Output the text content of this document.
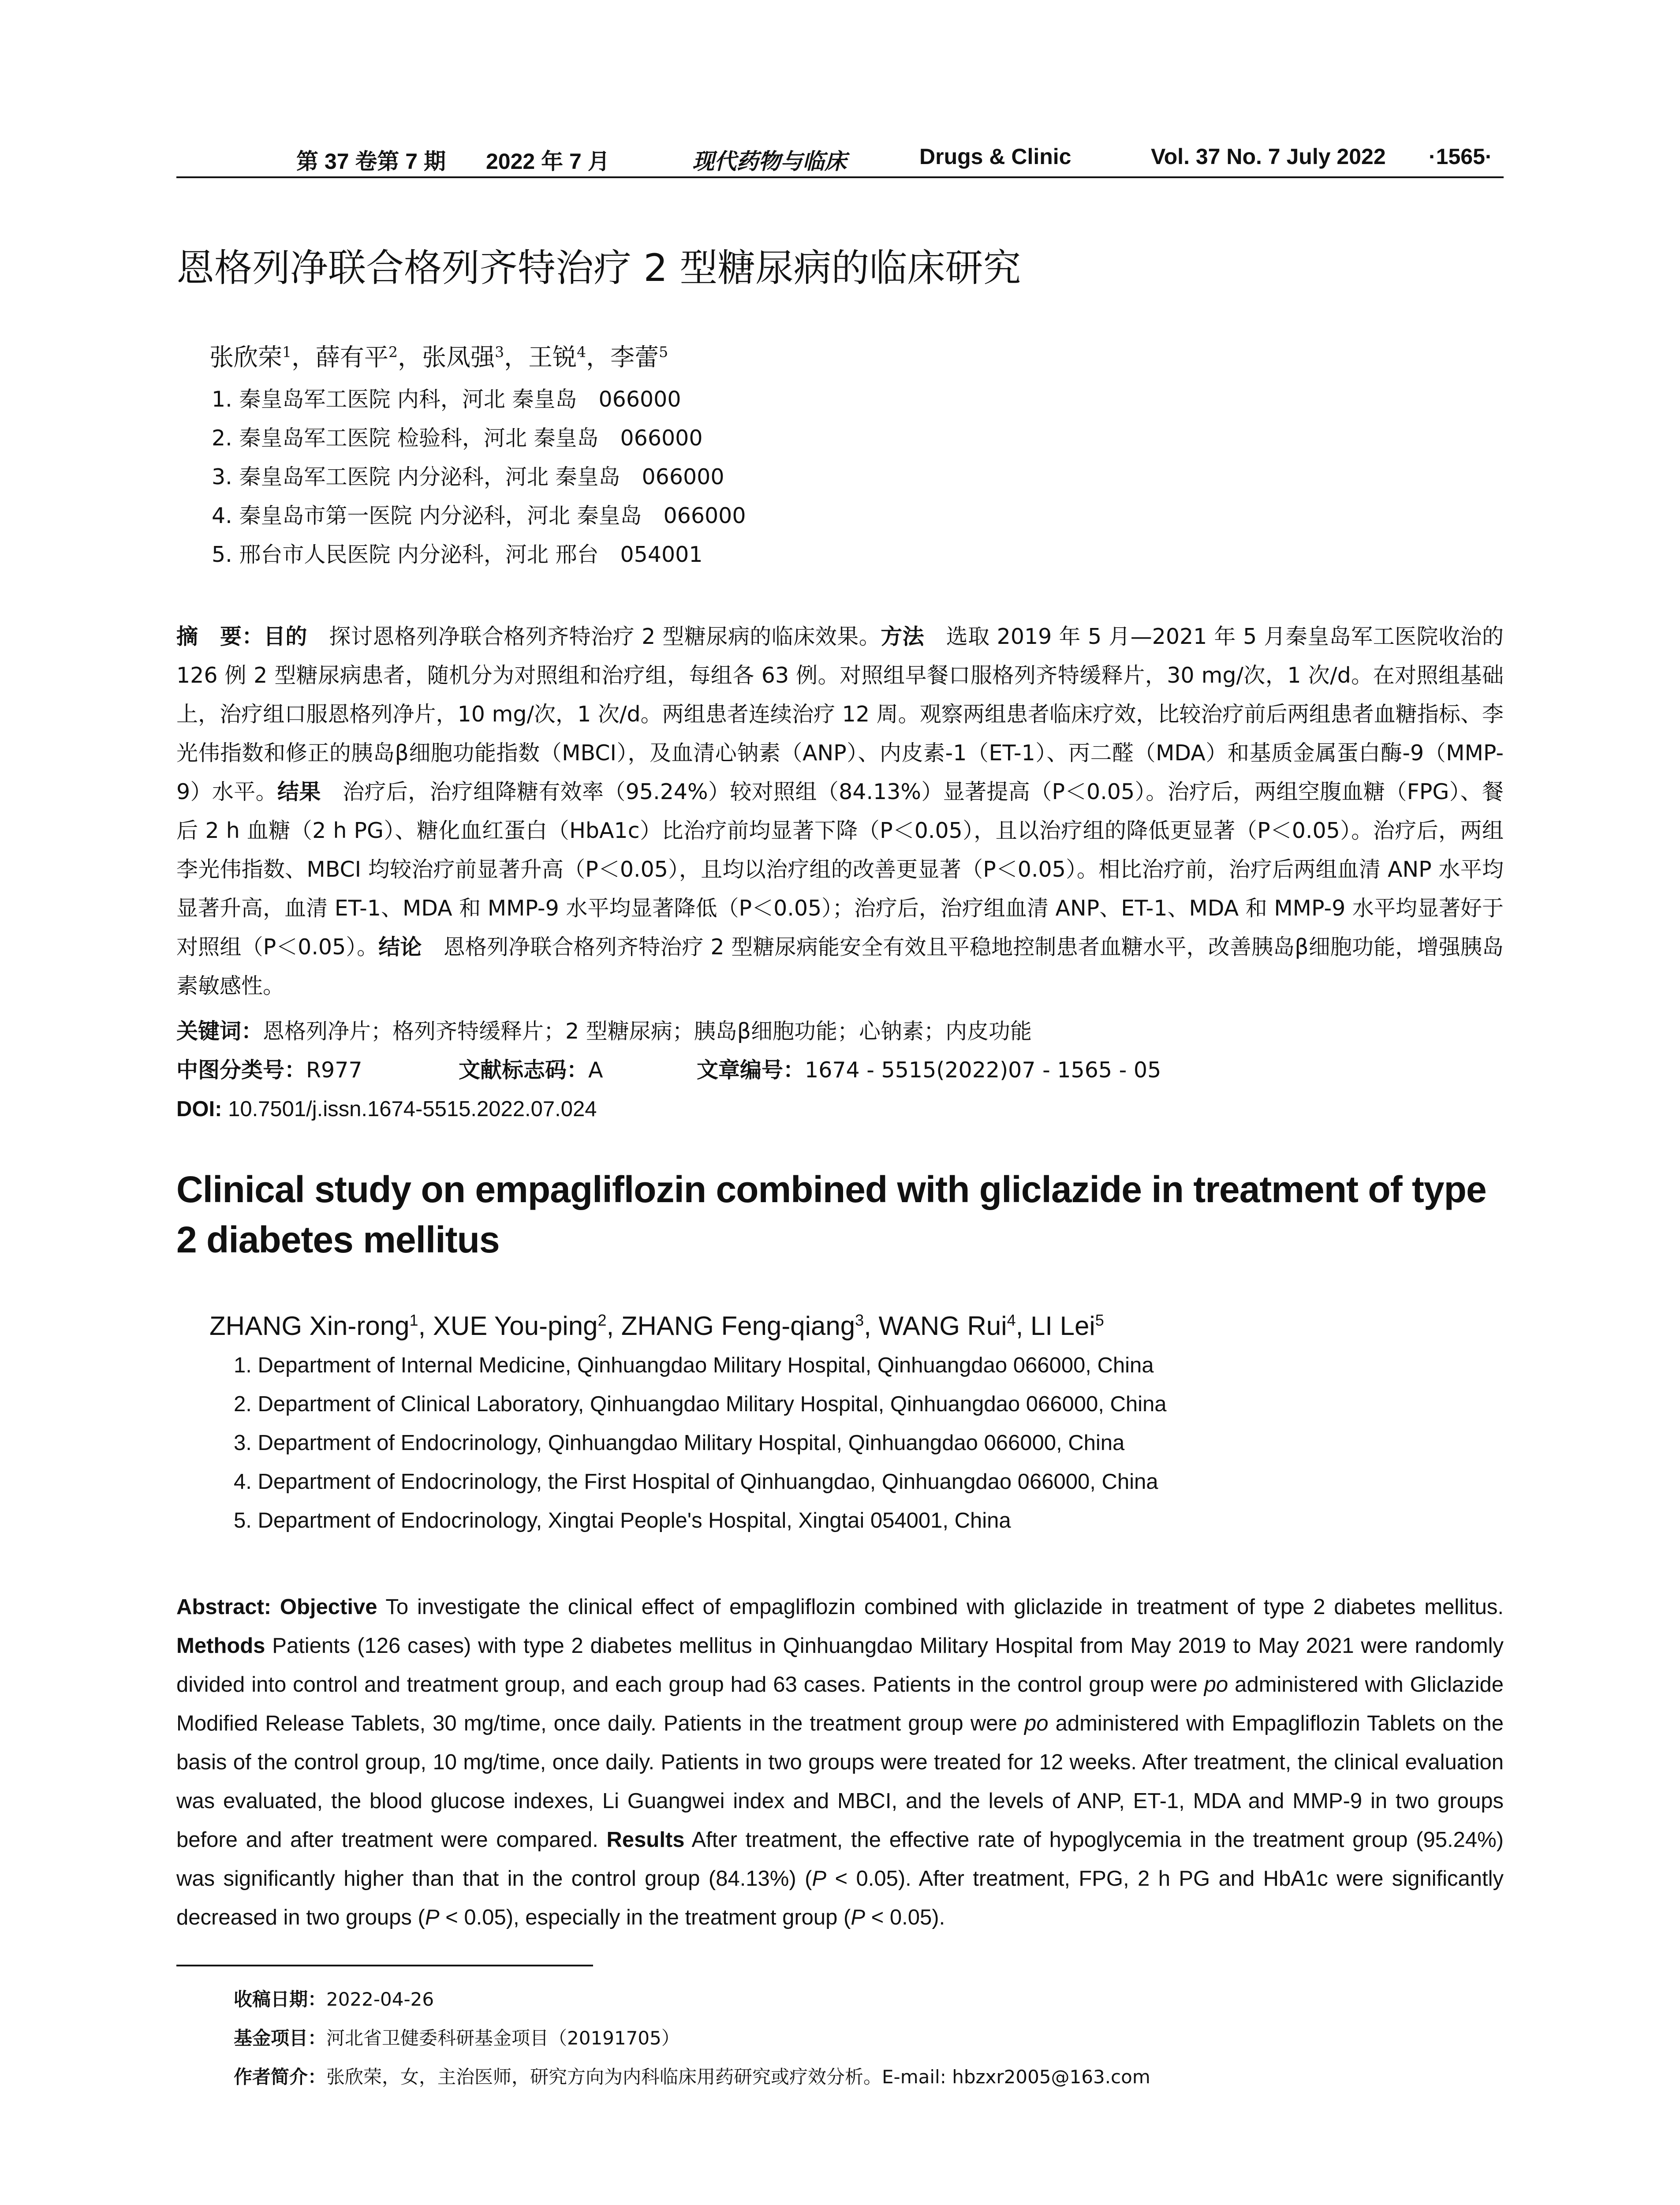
第 37 卷第 7 期 2022 年 7 月	现代药物与临床	Drugs & Clinic	Vol. 37 No. 7 July 2022 ·1565·
恩格列净联合格列齐特治疗 2 型糖尿病的临床研究
张欣荣$^1$，薛有平$^2$，张凤强$^3$，王锐$^4$，李蕾$^5$
1. 秦皇岛军工医院 内科，河北 秦皇岛　066000
2. 秦皇岛军工医院 检验科，河北 秦皇岛　066000
3. 秦皇岛军工医院 内分泌科，河北 秦皇岛　066000
4. 秦皇岛市第一医院 内分泌科，河北 秦皇岛　066000
5. 邢台市人民医院 内分泌科，河北 邢台　054001
摘　要：目的　探讨恩格列净联合格列齐特治疗 2 型糖尿病的临床效果。方法　选取 2019 年 5 月—2021 年 5 月秦皇岛军工医院收治的 126 例 2 型糖尿病患者，随机分为对照组和治疗组，每组各 63 例。对照组早餐口服格列齐特缓释片，30 mg/次，1 次/d。在对照组基础上，治疗组口服恩格列净片，10 mg/次，1 次/d。两组患者连续治疗 12 周。观察两组患者临床疗效，比较治疗前后两组患者血糖指标、李光伟指数和修正的胰岛β细胞功能指数（MBCI），及血清心钠素（ANP）、内皮素-1（ET-1）、丙二醛（MDA）和基质金属蛋白酶-9（MMP-9）水平。结果　治疗后，治疗组降糖有效率（95.24%）较对照组（84.13%）显著提高（P＜0.05）。治疗后，两组空腹血糖（FPG）、餐后 2 h 血糖（2 h PG）、糖化血红蛋白（HbA1c）比治疗前均显著下降（P＜0.05），且以治疗组的降低更显著（P＜0.05）。治疗后，两组李光伟指数、MBCI 均较治疗前显著升高（P＜0.05），且均以治疗组的改善更显著（P＜0.05）。相比治疗前，治疗后两组血清 ANP 水平均显著升高，血清 ET-1、MDA 和 MMP-9 水平均显著降低（P＜0.05）；治疗后，治疗组血清 ANP、ET-1、MDA 和 MMP-9 水平均显著好于对照组（P＜0.05）。结论　恩格列净联合格列齐特治疗 2 型糖尿病能安全有效且平稳地控制患者血糖水平，改善胰岛β细胞功能，增强胰岛素敏感性。
关键词：恩格列净片；格列齐特缓释片；2 型糖尿病；胰岛β细胞功能；心钠素；内皮功能
中图分类号：R977	文献标志码：A	文章编号：1674 - 5515(2022)07 - 1565 - 05
DOI: 10.7501/j.issn.1674-5515.2022.07.024
Clinical study on empagliflozin combined with gliclazide in treatment of type 2 diabetes mellitus
ZHANG Xin-rong$^1$, XUE You-ping$^2$, ZHANG Feng-qiang$^3$, WANG Rui$^4$, LI Lei$^5$
1. Department of Internal Medicine, Qinhuangdao Military Hospital, Qinhuangdao 066000, China
2. Department of Clinical Laboratory, Qinhuangdao Military Hospital, Qinhuangdao 066000, China
3. Department of Endocrinology, Qinhuangdao Military Hospital, Qinhuangdao 066000, China
4. Department of Endocrinology, the First Hospital of Qinhuangdao, Qinhuangdao 066000, China
5. Department of Endocrinology, Xingtai People's Hospital, Xingtai 054001, China
Abstract: Objective To investigate the clinical effect of empagliflozin combined with gliclazide in treatment of type 2 diabetes mellitus. Methods Patients (126 cases) with type 2 diabetes mellitus in Qinhuangdao Military Hospital from May 2019 to May 2021 were randomly divided into control and treatment group, and each group had 63 cases. Patients in the control group were po administered with Gliclazide Modified Release Tablets, 30 mg/time, once daily. Patients in the treatment group were po administered with Empagliflozin Tablets on the basis of the control group, 10 mg/time, once daily. Patients in two groups were treated for 12 weeks. After treatment, the clinical evaluation was evaluated, the blood glucose indexes, Li Guangwei index and MBCI, and the levels of ANP, ET-1, MDA and MMP-9 in two groups before and after treatment were compared. Results After treatment, the effective rate of hypoglycemia in the treatment group (95.24%) was significantly higher than that in the control group (84.13%) (P < 0.05). After treatment, FPG, 2 h PG and HbA1c were significantly decreased in two groups (P < 0.05), especially in the treatment group (P < 0.05).
收稿日期：2022-04-26
基金项目：河北省卫健委科研基金项目（20191705）
作者简介：张欣荣，女，主治医师，研究方向为内科临床用药研究或疗效分析。E-mail: hbzxr2005@163.com
